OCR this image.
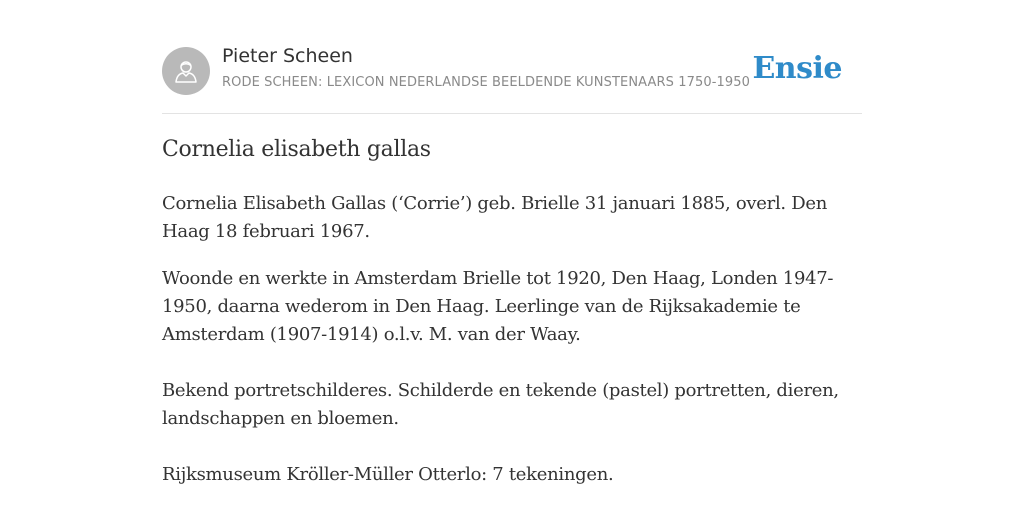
Pieter Scheen
RODE SCHEEN: LEXICON NEDERLANDSE BEELDENDE KUNSTENAARS 1750-1950 Ensie
Cornelia elisabeth gallas

Cornelia Elisabeth Gallas (‘Corrie’) geb. Brielle 31 januari 1885, overl. Den Haag 18 februari 1967.

Woonde en werkte in Amsterdam Brielle tot 1920, Den Haag, Londen 1947-1950, daarna wederom in Den Haag. Leerlinge van de Rijksakademie te Amsterdam (1907-1914) o.l.v. M. van der Waay.

Bekend portretschilderes. Schilderde en tekende (pastel) portretten, dieren, landschappen en bloemen.

Rijksmuseum Kröller-Müller Otterlo: 7 tekeningen.
